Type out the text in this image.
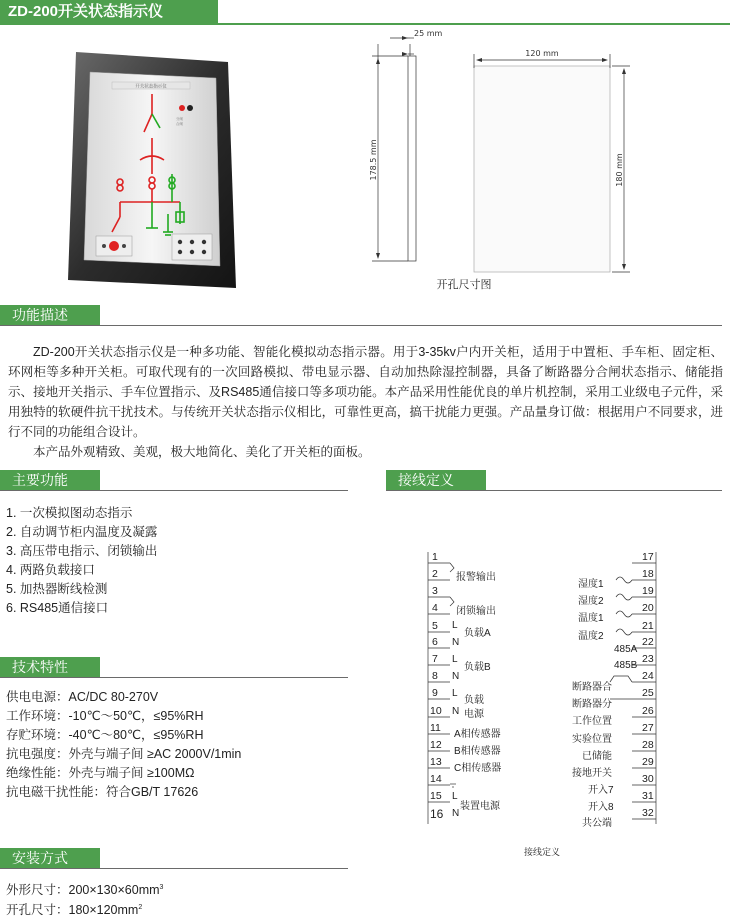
ZD-200开关状态指示仪
开关状态指示仪
分闸
合闸
25 mm
120 mm
178.5 mm	180 mm
开孔尺寸图
功能描述

ZD-200开关状态指示仪是一种多功能、智能化模拟动态指示器。用于3-35kv户内开关柜，适用于中置柜、手车柜、固定柜、环网柜等多种开关柜。可取代现有的一次回路模拟、带电显示器、自动加热除湿控制器，具备了断路器分合闸状态指示、储能指示、接地开关指示、手车位置指示、及RS485通信接口等多项功能。本产品采用性能优良的单片机控制，采用工业级电子元件，采用独特的软硬件抗干扰技术。与传统开关状态指示仪相比，可靠性更高，搞干扰能力更强。产品量身订做：根据用户不同要求，进行不同的功能组合设计。

本产品外观精致、美观，极大地简化、美化了开关柜的面板。

主要功能
1. 一次模拟图动态指示
2. 自动调节柜内温度及凝露
3. 高压带电指示、闭锁输出
4. 两路负载接口
5. 加热器断线检测
6. RS485通信接口
技术特性
供电电源：AC/DC 80-270V
工作环境：-10℃～50℃，≤95%RH
存贮环境：-40℃～80℃，≤95%RH
抗电强度：外壳与端子间 ≥AC 2000V/1min
绝缘性能：外壳与端子间 ≥100MΩ
抗电磁干扰性能：符合GB/T 17626
安装方式
外形尺寸：$200\times 130\times 60mm^3$
开孔尺寸：$180\times 120mm^2$
接线定义
1
2
3
4
5
6
7
8
9
10
11
12
13
14
15
16
报警输出
闭锁输出
L
负载A
N
L
负载B
N
L
负载
N 电源
A相传感器
B相传感器
C相传感器
L
装置电源
N
17
18
19
20
21
22
23
24
25
26
27
28
29
30
31
32
湿度1
湿度2
温度1
温度2
485A
485B
断路器合
断路器分
工作位置
实验位置
已储能
接地开关
开入7
开入8
共公端
接线定义
